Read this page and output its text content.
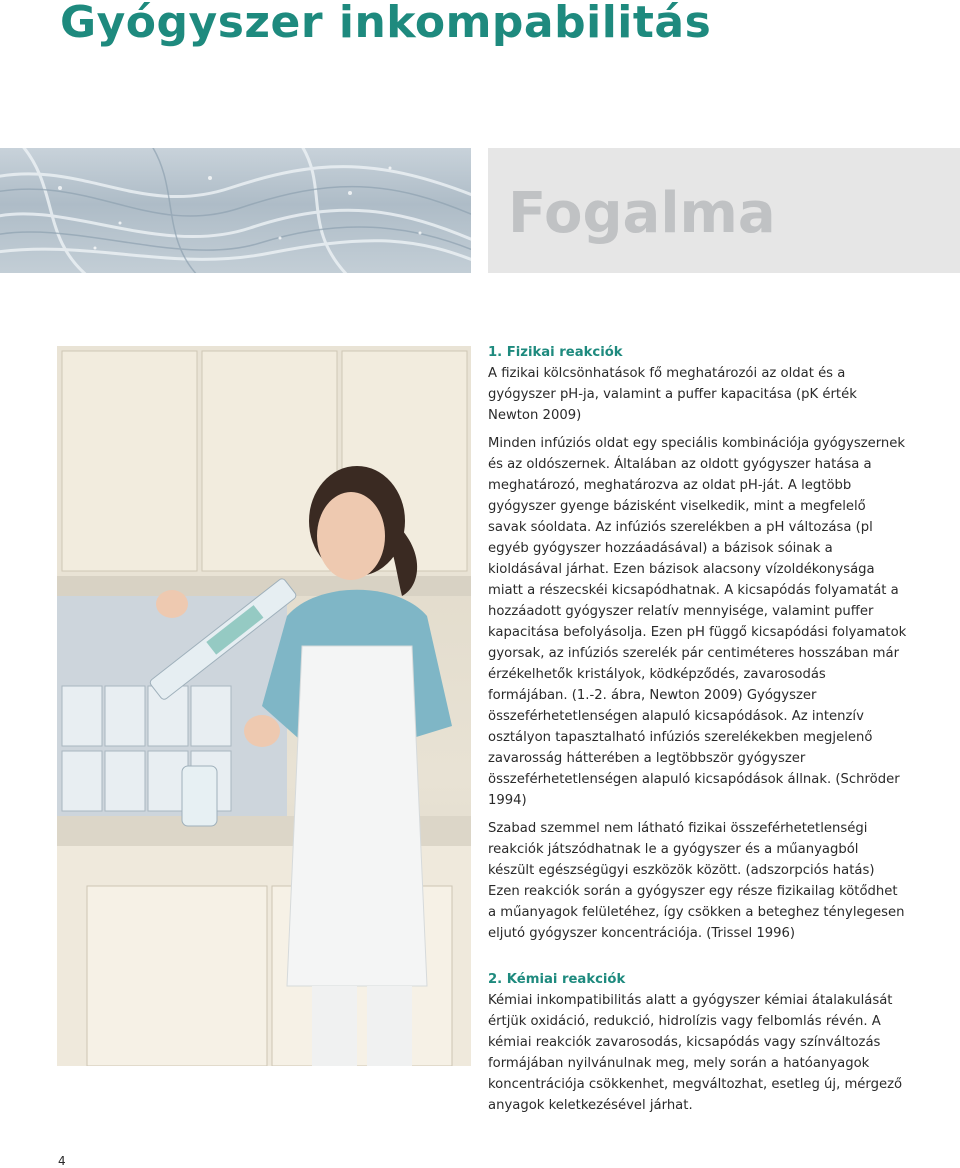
Gyógyszer inkompabilitás
Fogalma

1. Fizikai reakciók

A fizikai kölcsönhatások fő meghatározói az oldat és a gyógyszer pH-ja, valamint a puffer kapacitása (pK érték Newton 2009)

Minden infúziós oldat egy speciális kombinációja gyógyszernek és az oldószernek. Általában az oldott gyógyszer hatása a meghatározó, meghatározva az oldat pH-ját. A legtöbb gyógyszer gyenge bázisként viselkedik, mint a megfelelő savak sóoldata. Az infúziós szerelékben a pH változása (pl egyéb gyógyszer hozzáadásával) a bázisok sóinak a kioldásával járhat. Ezen bázisok alacsony vízoldékonysága miatt a részecskéi kicsapódhatnak. A kicsapódás folyamatát a hozzáadott gyógyszer relatív mennyisége, valamint puffer kapacitása befolyásolja. Ezen pH függő kicsapódási folyamatok gyorsak, az infúziós szerelék pár centiméteres hosszában már érzékelhetők kristályok, ködképződés, zavarosodás formájában. (1.-2. ábra, Newton 2009) Gyógyszer összeférhetetlenségen alapuló kicsapódások. Az intenzív osztályon tapasztalható infúziós szerelékekben megjelenő zavarosság hátterében a legtöbbször gyógyszer összeférhetetlenségen alapuló kicsapódások állnak. (Schröder 1994)

Szabad szemmel nem látható fizikai összeférhetetlenségi reakciók játszódhatnak le a gyógyszer és a műanyagból készült egészségügyi eszközök között. (adszorpciós hatás) Ezen reakciók során a gyógyszer egy része fizikailag kötődhet a műanyagok felületéhez, így csökken a beteghez ténylegesen eljutó gyógyszer koncentrációja. (Trissel 1996)

2. Kémiai reakciók

Kémiai inkompatibilitás alatt a gyógyszer kémiai átalakulását értjük oxidáció, redukció, hidrolízis vagy felbomlás révén. A kémiai reakciók zavarosodás, kicsapódás vagy színváltozás formájában nyilvánulnak meg, mely során a hatóanyagok koncentrációja csökkenhet, megváltozhat, esetleg új, mérgező anyagok keletkezésével járhat.

4
